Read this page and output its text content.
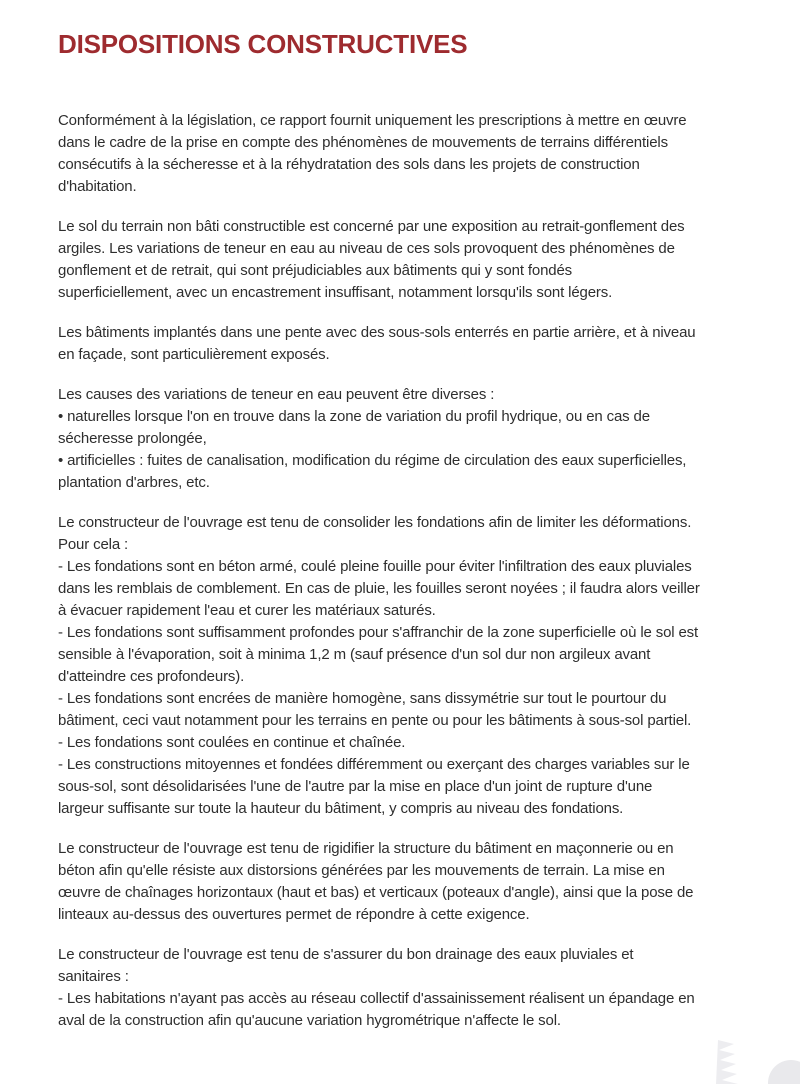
DISPOSITIONS CONSTRUCTIVES
Conformément à la législation, ce rapport fournit uniquement les prescriptions à mettre en œuvre
dans le cadre de la prise en compte des phénomènes de mouvements de terrains différentiels
consécutifs à la sécheresse et à la réhydratation des sols dans les projets de construction
d'habitation.
Le sol du terrain non bâti constructible est concerné par une exposition au retrait-gonflement des
argiles. Les variations de teneur en eau au niveau de ces sols provoquent des phénomènes de
gonflement et de retrait, qui sont préjudiciables aux bâtiments qui y sont fondés
superficiellement, avec un encastrement insuffisant, notamment lorsqu'ils sont légers.
Les bâtiments implantés dans une pente avec des sous-sols enterrés en partie arrière, et à niveau
en façade, sont particulièrement exposés.
Les causes des variations de teneur en eau peuvent être diverses :
• naturelles lorsque l'on en trouve dans la zone de variation du profil hydrique, ou en cas de
sécheresse prolongée,
• artificielles : fuites de canalisation, modification du régime de circulation des eaux superficielles,
plantation d'arbres, etc.
Le constructeur de l'ouvrage est tenu de consolider les fondations afin de limiter les déformations.
Pour cela :
- Les fondations sont en béton armé, coulé pleine fouille pour éviter l'infiltration des eaux pluviales
dans les remblais de comblement. En cas de pluie, les fouilles seront noyées ; il faudra alors veiller
à évacuer rapidement l'eau et curer les matériaux saturés.
- Les fondations sont suffisamment profondes pour s'affranchir de la zone superficielle où le sol est
sensible à l'évaporation, soit à minima 1,2 m (sauf présence d'un sol dur non argileux avant
d'atteindre ces profondeurs).
- Les fondations sont encrées de manière homogène, sans dissymétrie sur tout le pourtour du
bâtiment, ceci vaut notamment pour les terrains en pente ou pour les bâtiments à sous-sol partiel.
- Les fondations sont coulées en continue et chaînée.
- Les constructions mitoyennes et fondées différemment ou exerçant des charges variables sur le
sous-sol, sont désolidarisées l'une de l'autre par la mise en place d'un joint de rupture d'une
largeur suffisante sur toute la hauteur du bâtiment, y compris au niveau des fondations.
Le constructeur de l'ouvrage est tenu de rigidifier la structure du bâtiment en maçonnerie ou en
béton afin qu'elle résiste aux distorsions générées par les mouvements de terrain. La mise en
œuvre de chaînages horizontaux (haut et bas) et verticaux (poteaux d'angle), ainsi que la pose de
linteaux au-dessus des ouvertures permet de répondre à cette exigence.
Le constructeur de l'ouvrage est tenu de s'assurer du bon drainage des eaux pluviales et
sanitaires :
- Les habitations n'ayant pas accès au réseau collectif d'assainissement réalisent un épandage en
aval de la construction afin qu'aucune variation hygrométrique n'affecte le sol.
